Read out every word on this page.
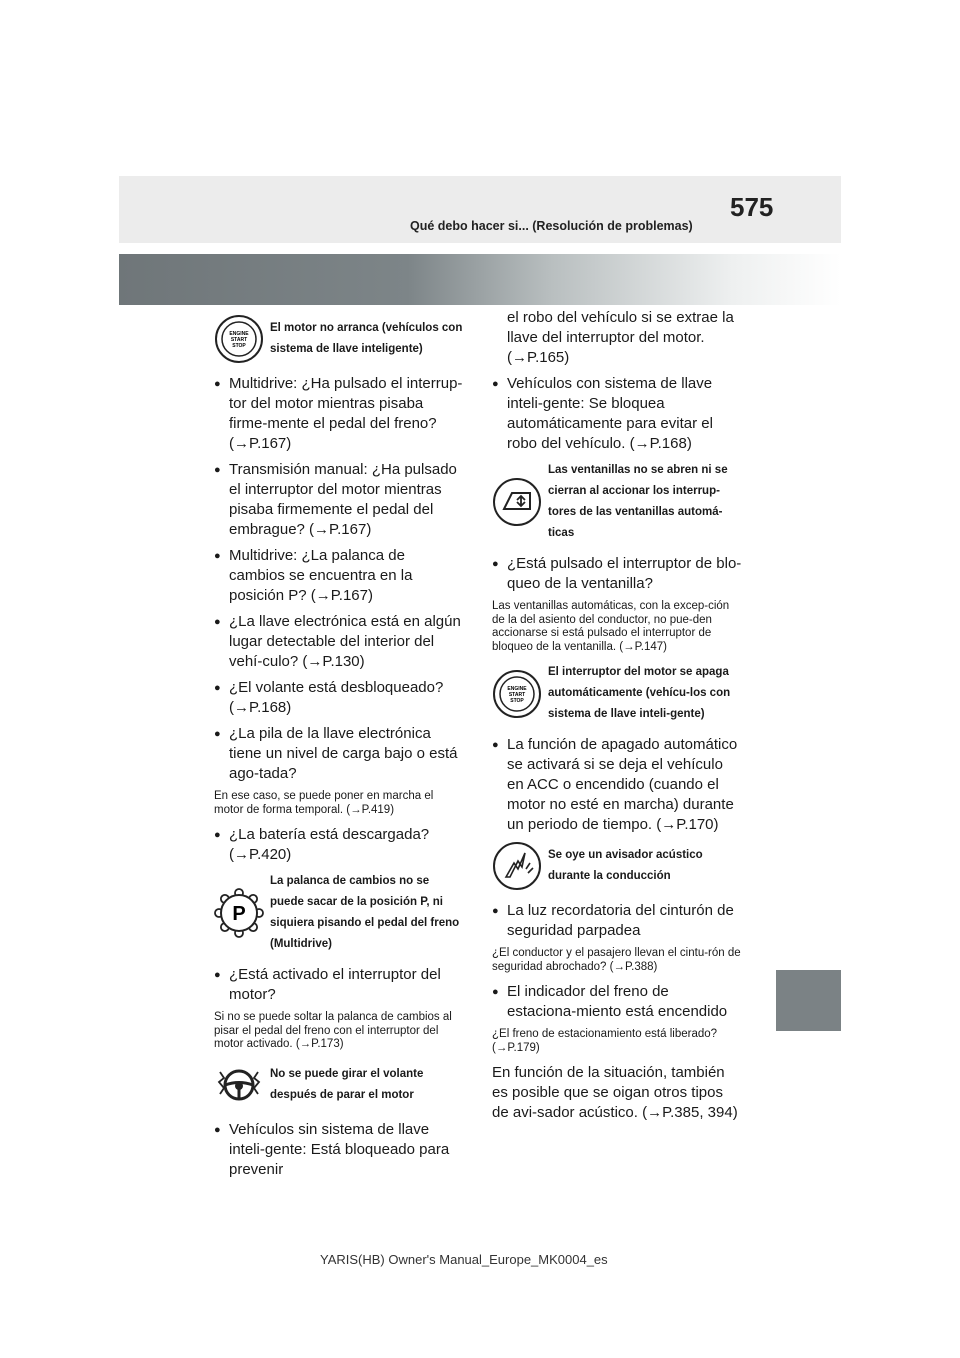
Qué debo hacer si... (Resolución de problemas)
575
ENGINE
START
STOP
El motor no arranca (vehículos con sistema de llave inteligente)
● Multidrive: ¿Ha pulsado el interrup-tor del motor mientras pisaba firme-mente el pedal del freno? (→P.167)
● Transmisión manual: ¿Ha pulsado el interruptor del motor mientras pisaba firmemente el pedal del embrague? (→P.167)
● Multidrive: ¿La palanca de cambios se encuentra en la posición P? (→P.167)
● ¿La llave electrónica está en algún lugar detectable del interior del vehí-culo? (→P.130)
● ¿El volante está desbloqueado? (→P.168)
● ¿La pila de la llave electrónica tiene un nivel de carga bajo o está ago-tada?
En ese caso, se puede poner en marcha el motor de forma temporal. (→P.419)
● ¿La batería está descargada? (→P.420)
P
La palanca de cambios no se puede sacar de la posición P, ni siquiera pisando el pedal del freno (Multidrive)
● ¿Está activado el interruptor del motor?
Si no se puede soltar la palanca de cambios al pisar el pedal del freno con el interruptor del motor activado. (→P.173)
No se puede girar el volante después de parar el motor
● Vehículos sin sistema de llave inteli-gente: Está bloqueado para prevenir
el robo del vehículo si se extrae la llave del interruptor del motor. (→P.165)
● Vehículos con sistema de llave inteli-gente: Se bloquea automáticamente para evitar el robo del vehículo. (→P.168)
Las ventanillas no se abren ni se cierran al accionar los interrup-tores de las ventanillas automá-ticas
● ¿Está pulsado el interruptor de blo-queo de la ventanilla?
Las ventanillas automáticas, con la excep-ción de la del asiento del conductor, no pue-den accionarse si está pulsado el interruptor de bloqueo de la ventanilla. (→P.147)
ENGINE
START
STOP
El interruptor del motor se apaga automáticamente (vehícu-los con sistema de llave inteli-gente)
● La función de apagado automático se activará si se deja el vehículo en ACC o encendido (cuando el motor no esté en marcha) durante un periodo de tiempo. (→P.170)
Se oye un avisador acústico durante la conducción
● La luz recordatoria del cinturón de seguridad parpadea
¿El conductor y el pasajero llevan el cintu-rón de seguridad abrochado? (→P.388)
● El indicador del freno de estaciona-miento está encendido
¿El freno de estacionamiento está liberado? (→P.179)
En función de la situación, también es posible que se oigan otros tipos de avi-sador acústico. (→P.385, 394)
YARIS(HB) Owner's Manual_Europe_MK0004_es
